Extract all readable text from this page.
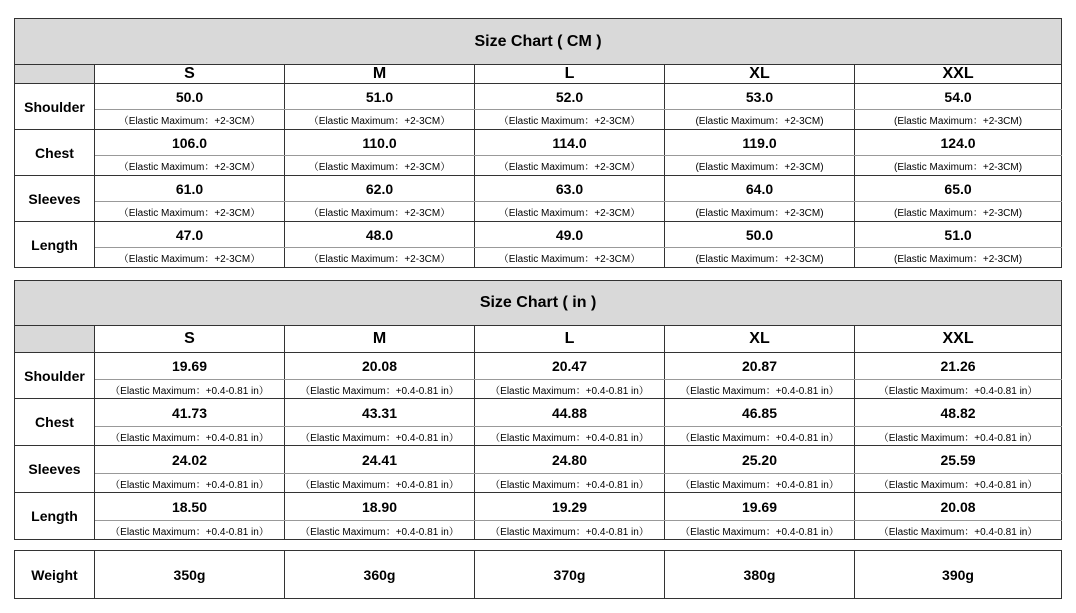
Size Chart ( CM )					
	S	M	L	XL	XXL
Shoulder	50.0	51.0	52.0	53.0	54.0
	（Elastic Maximum：+2-3CM）	（Elastic Maximum：+2-3CM）	（Elastic Maximum：+2-3CM）	(Elastic Maximum：+2-3CM)	(Elastic Maximum：+2-3CM)
Chest	106.0	110.0	114.0	119.0	124.0
	（Elastic Maximum：+2-3CM）	（Elastic Maximum：+2-3CM）	（Elastic Maximum：+2-3CM）	(Elastic Maximum：+2-3CM)	(Elastic Maximum：+2-3CM)
Sleeves	61.0	62.0	63.0	64.0	65.0
	（Elastic Maximum：+2-3CM）	（Elastic Maximum：+2-3CM）	（Elastic Maximum：+2-3CM）	(Elastic Maximum：+2-3CM)	(Elastic Maximum：+2-3CM)
Length	47.0	48.0	49.0	50.0	51.0
	（Elastic Maximum：+2-3CM）	（Elastic Maximum：+2-3CM）	（Elastic Maximum：+2-3CM）	(Elastic Maximum：+2-3CM)	(Elastic Maximum：+2-3CM)
Size Chart ( in )					
	S	M	L	XL	XXL
Shoulder	19.69	20.08	20.47	20.87	21.26
	（Elastic Maximum：+0.4-0.81 in）	（Elastic Maximum：+0.4-0.81 in）	（Elastic Maximum：+0.4-0.81 in）	（Elastic Maximum：+0.4-0.81 in）	（Elastic Maximum：+0.4-0.81 in）
Chest	41.73	43.31	44.88	46.85	48.82
	（Elastic Maximum：+0.4-0.81 in）	（Elastic Maximum：+0.4-0.81 in）	（Elastic Maximum：+0.4-0.81 in）	（Elastic Maximum：+0.4-0.81 in）	（Elastic Maximum：+0.4-0.81 in）
Sleeves	24.02	24.41	24.80	25.20	25.59
	（Elastic Maximum：+0.4-0.81 in）	（Elastic Maximum：+0.4-0.81 in）	（Elastic Maximum：+0.4-0.81 in）	（Elastic Maximum：+0.4-0.81 in）	（Elastic Maximum：+0.4-0.81 in）
Length	18.50	18.90	19.29	19.69	20.08
	（Elastic Maximum：+0.4-0.81 in）	（Elastic Maximum：+0.4-0.81 in）	（Elastic Maximum：+0.4-0.81 in）	（Elastic Maximum：+0.4-0.81 in）	（Elastic Maximum：+0.4-0.81 in）
Weight	350g	360g	370g	380g	390g
